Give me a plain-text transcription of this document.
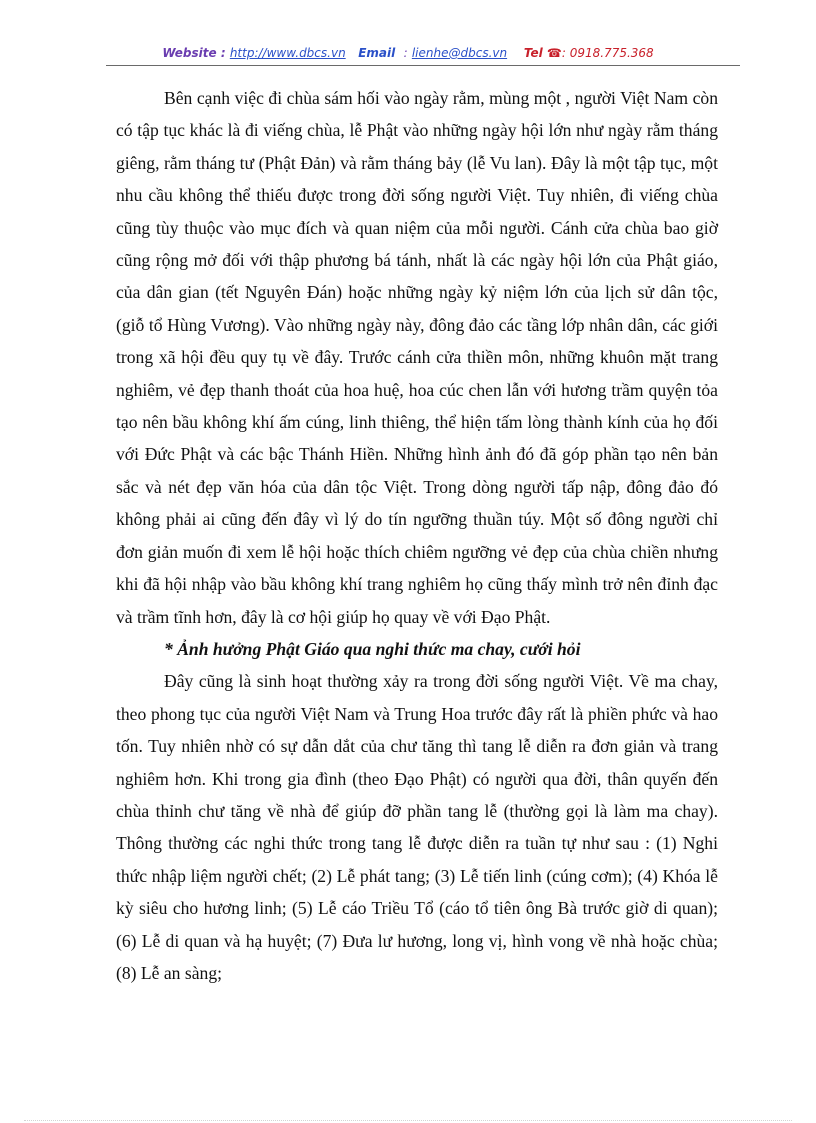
Website : http://www.dbcs.vn Email : lienhe@dbcs.vn Tel ☎: 0918.775.368

Bên cạnh việc đi chùa sám hối vào ngày rằm, mùng một , người Việt Nam còn có tập tục khác là đi viếng chùa, lễ Phật vào những ngày hội lớn như ngày rằm tháng giêng, rằm tháng tư (Phật Đản) và rằm tháng bảy (lễ Vu lan). Đây là một tập tục, một nhu cầu không thể thiếu được trong đời sống người Việt. Tuy nhiên, đi viếng chùa cũng tùy thuộc vào mục đích và quan niệm của mỗi người. Cánh cửa chùa bao giờ cũng rộng mở đối với thập phương bá tánh, nhất là các ngày hội lớn của Phật giáo, của dân gian (tết Nguyên Đán) hoặc những ngày kỷ niệm lớn của lịch sử dân tộc, (giỗ tổ Hùng Vương). Vào những ngày này, đông đảo các tầng lớp nhân dân, các giới trong xã hội đều quy tụ về đây. Trước cánh cửa thiền môn, những khuôn mặt trang nghiêm, vẻ đẹp thanh thoát của hoa huệ, hoa cúc chen lẫn với hương trầm quyện tỏa tạo nên bầu không khí ấm cúng, linh thiêng, thể hiện tấm lòng thành kính của họ đối với Đức Phật và các bậc Thánh Hiền. Những hình ảnh đó đã góp phần tạo nên bản sắc và nét đẹp văn hóa của dân tộc Việt. Trong dòng người tấp nập, đông đảo đó không phải ai cũng đến đây vì lý do tín ngưỡng thuần túy. Một số đông người chỉ đơn giản muốn đi xem lễ hội hoặc thích chiêm ngưỡng vẻ đẹp của chùa chiền nhưng khi đã hội nhập vào bầu không khí trang nghiêm họ cũng thấy mình trở nên đỉnh đạc và trầm tĩnh hơn, đây là cơ hội giúp họ quay về với Đạo Phật.

* Ảnh hưởng Phật Giáo qua nghi thức ma chay, cưới hỏi

Đây cũng là sinh hoạt thường xảy ra trong đời sống người Việt. Về ma chay, theo phong tục của người Việt Nam và Trung Hoa trước đây rất là phiền phức và hao tốn. Tuy nhiên nhờ có sự dẫn dắt của chư tăng thì tang lễ diễn ra đơn giản và trang nghiêm hơn. Khi trong gia đình (theo Đạo Phật) có người qua đời, thân quyến đến chùa thỉnh chư tăng về nhà để giúp đỡ phần tang lễ (thường gọi là làm ma chay). Thông thường các nghi thức trong tang lễ được diễn ra tuần tự như sau : (1) Nghi thức nhập liệm người chết; (2) Lễ phát tang; (3) Lễ tiến linh (cúng cơm); (4) Khóa lễ kỳ siêu cho hương linh; (5) Lễ cáo Triều Tổ (cáo tổ tiên ông Bà trước giờ di quan); (6) Lễ di quan và hạ huyệt; (7) Đưa lư hương, long vị, hình vong về nhà hoặc chùa; (8) Lễ an sàng;
